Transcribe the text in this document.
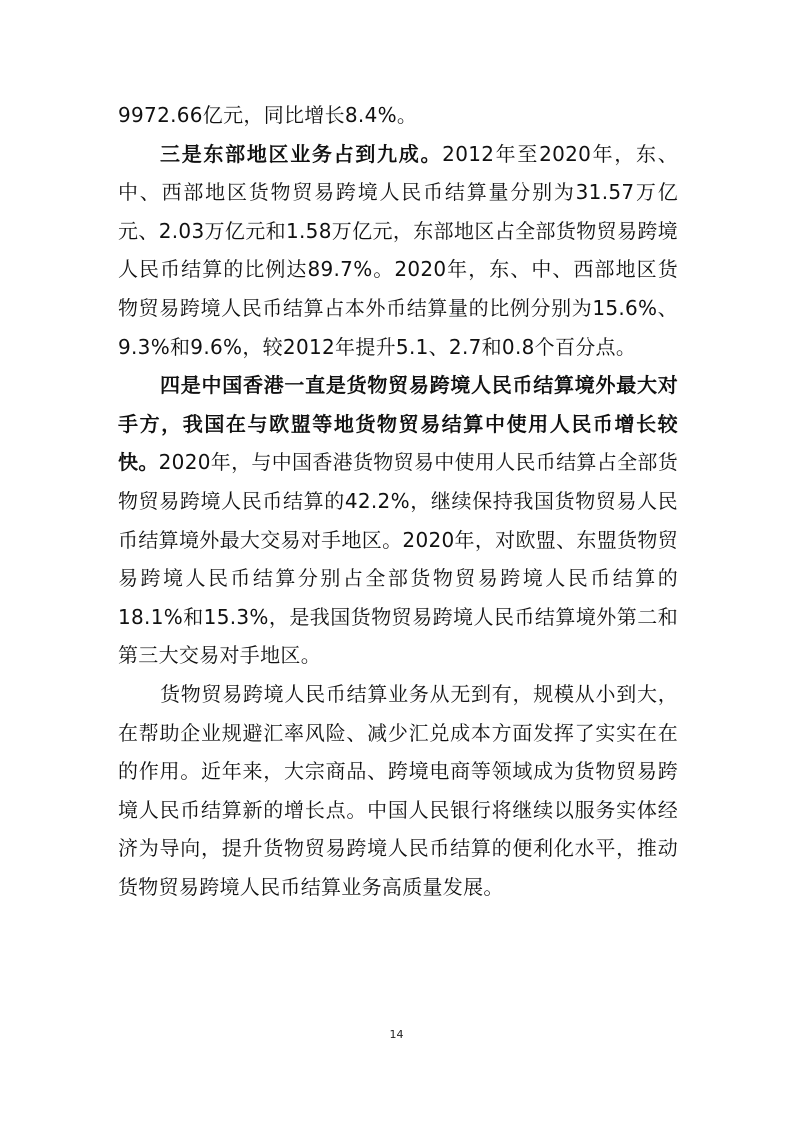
9972.66亿元，同比增长8.4%。

三是东部地区业务占到九成。2012年至2020年，东、中、西部地区货物贸易跨境人民币结算量分别为31.57万亿元、2.03万亿元和1.58万亿元，东部地区占全部货物贸易跨境人民币结算的比例达89.7%。2020年，东、中、西部地区货物贸易跨境人民币结算占本外币结算量的比例分别为15.6%、9.3%和9.6%，较2012年提升5.1、2.7和0.8个百分点。

四是中国香港一直是货物贸易跨境人民币结算境外最大对手方，我国在与欧盟等地货物贸易结算中使用人民币增长较快。2020年，与中国香港货物贸易中使用人民币结算占全部货物贸易跨境人民币结算的42.2%，继续保持我国货物贸易人民币结算境外最大交易对手地区。2020年，对欧盟、东盟货物贸易跨境人民币结算分别占全部货物贸易跨境人民币结算的18.1%和15.3%，是我国货物贸易跨境人民币结算境外第二和第三大交易对手地区。

货物贸易跨境人民币结算业务从无到有，规模从小到大，在帮助企业规避汇率风险、减少汇兑成本方面发挥了实实在在的作用。近年来，大宗商品、跨境电商等领域成为货物贸易跨境人民币结算新的增长点。中国人民银行将继续以服务实体经济为导向，提升货物贸易跨境人民币结算的便利化水平，推动货物贸易跨境人民币结算业务高质量发展。

14
